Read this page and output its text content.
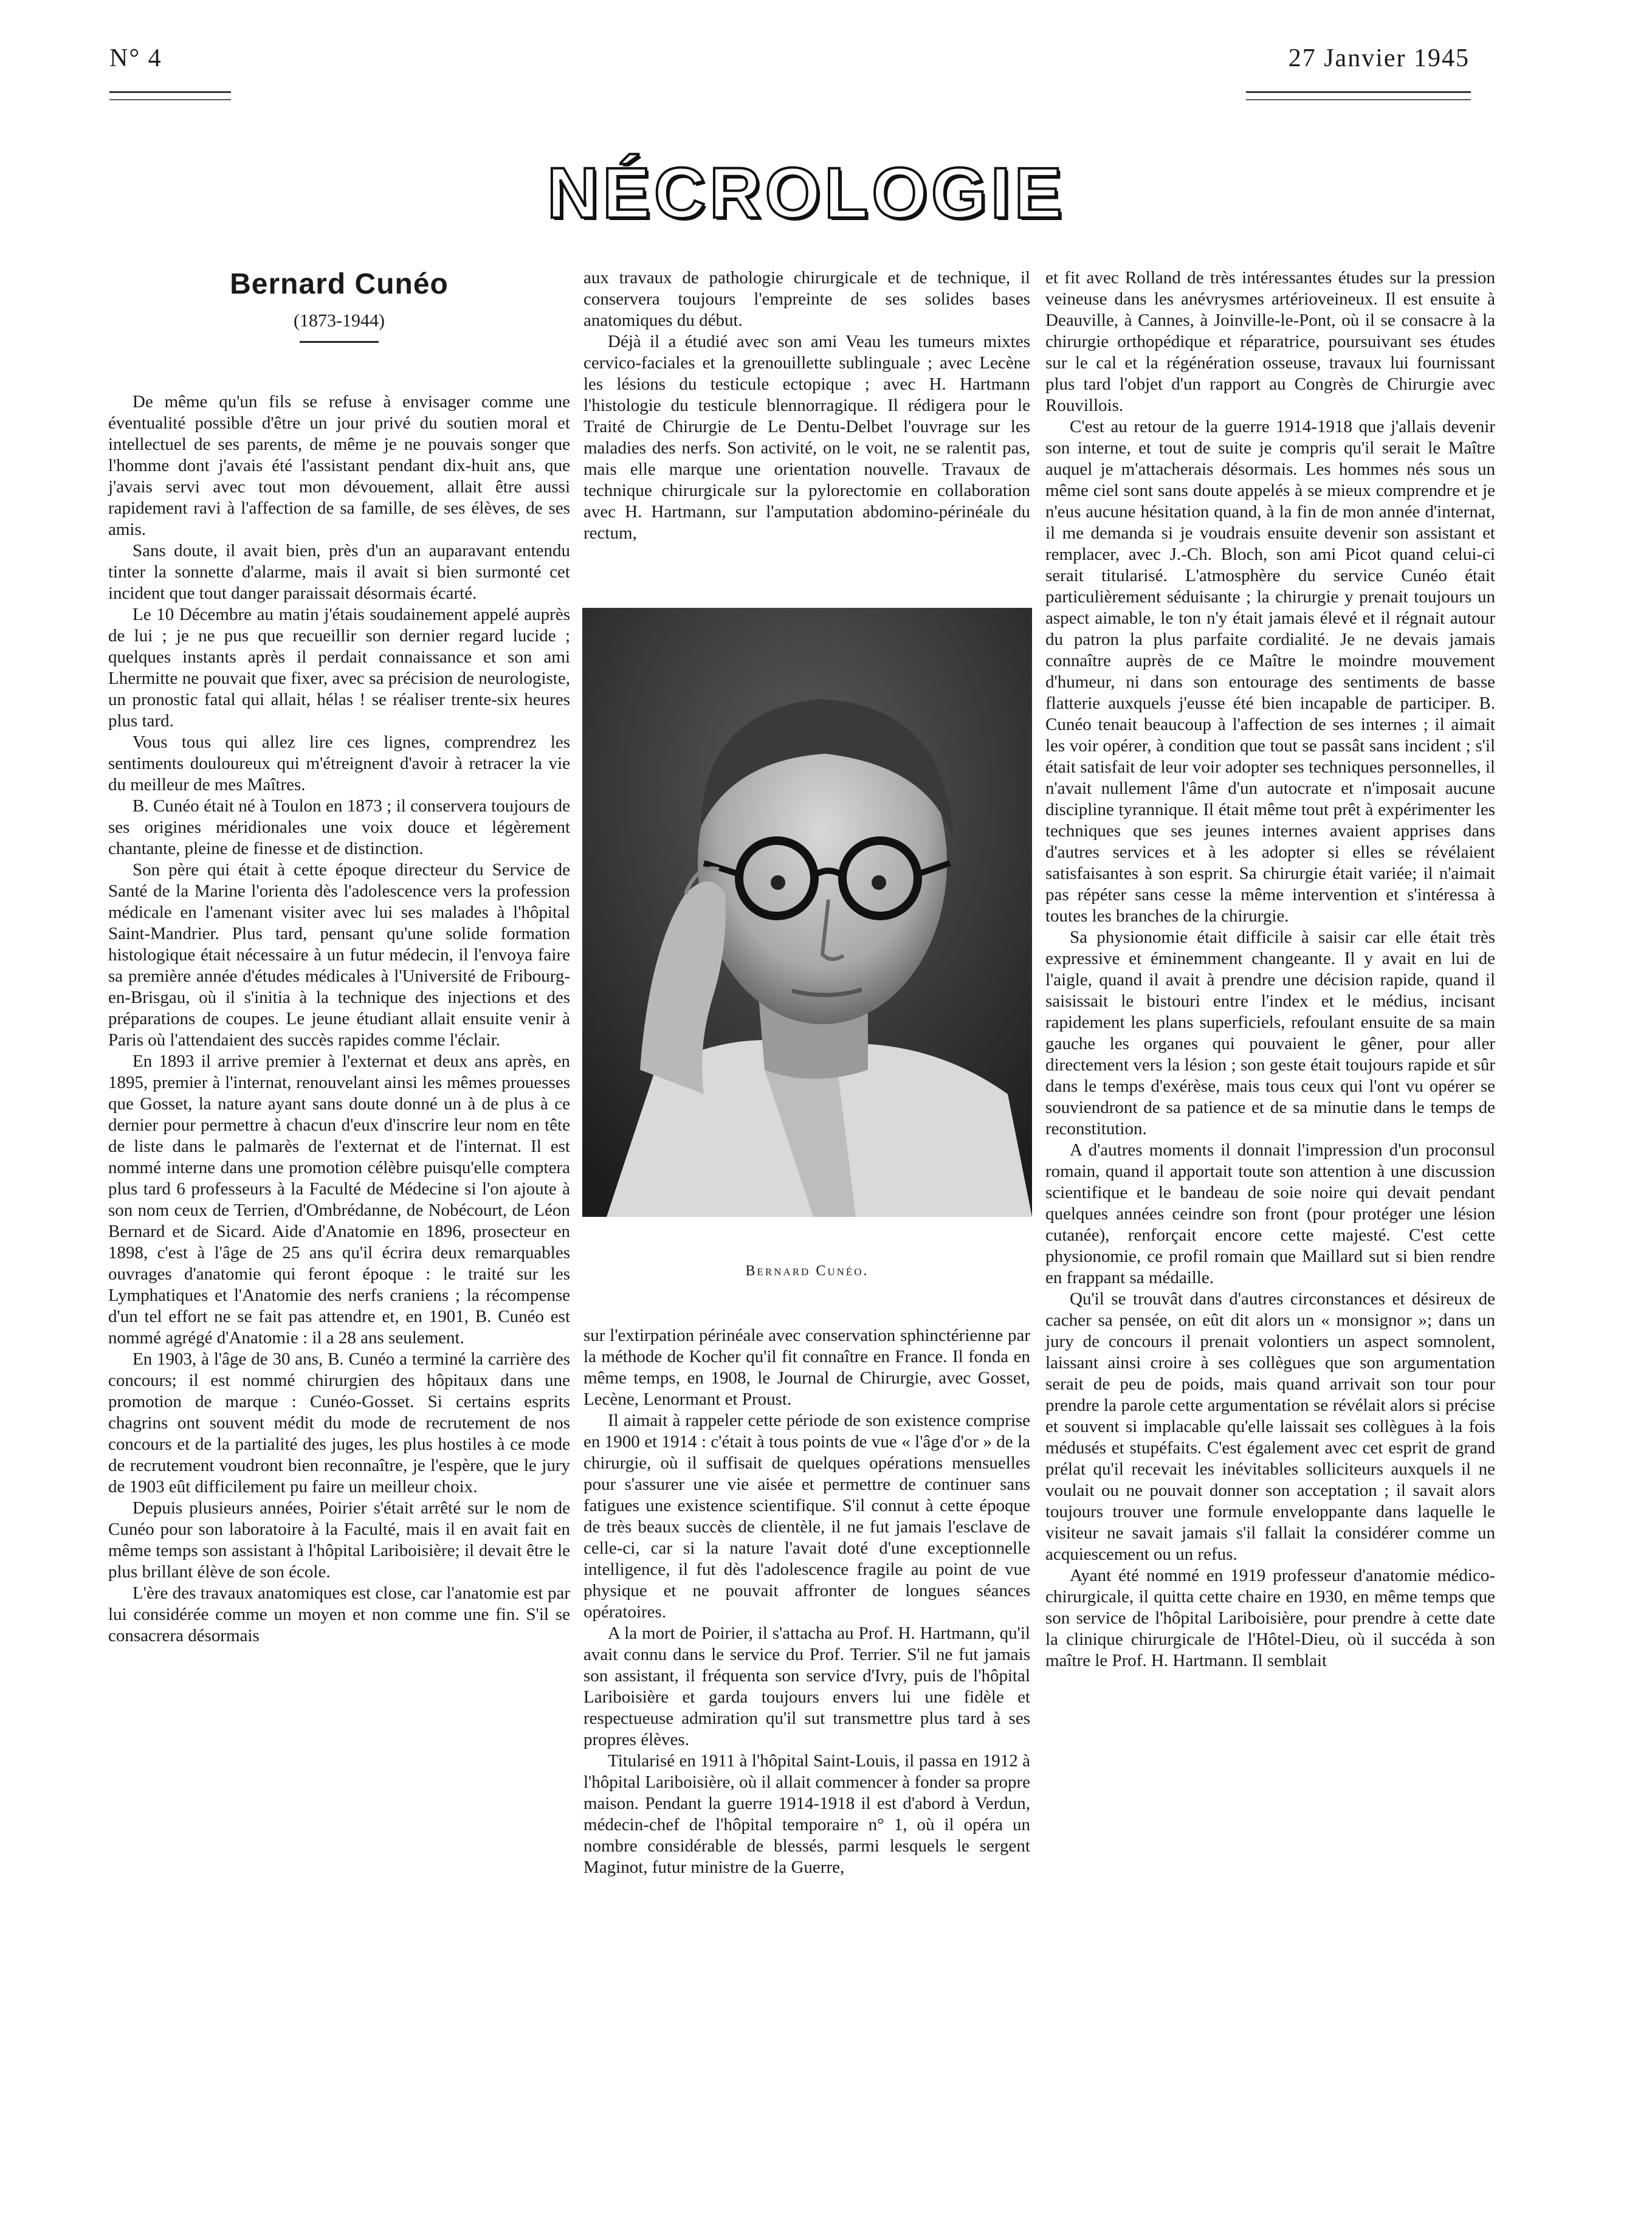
N° 4	27 Janvier 1945
NÉCROLOGIE
Bernard Cunéo
(1873-1944)

De même qu'un fils se refuse à envisager comme une éventualité possible d'être un jour privé du soutien moral et intellectuel de ses parents, de même je ne pouvais songer que l'homme dont j'avais été l'assistant pendant dix-huit ans, que j'avais servi avec tout mon dévouement, allait être aussi rapidement ravi à l'affection de sa famille, de ses élèves, de ses amis.

Sans doute, il avait bien, près d'un an auparavant entendu tinter la sonnette d'alarme, mais il avait si bien surmonté cet incident que tout danger paraissait désormais écarté.

Le 10 Décembre au matin j'étais soudainement appelé auprès de lui ; je ne pus que recueillir son dernier regard lucide ; quelques instants après il perdait connaissance et son ami Lhermitte ne pouvait que fixer, avec sa précision de neurologiste, un pronostic fatal qui allait, hélas ! se réaliser trente-six heures plus tard.

Vous tous qui allez lire ces lignes, comprendrez les sentiments douloureux qui m'étreignent d'avoir à retracer la vie du meilleur de mes Maîtres.

B. Cunéo était né à Toulon en 1873 ; il conservera toujours de ses origines méridionales une voix douce et légèrement chantante, pleine de finesse et de distinction.

Son père qui était à cette époque directeur du Service de Santé de la Marine l'orienta dès l'adolescence vers la profession médicale en l'amenant visiter avec lui ses malades à l'hôpital Saint-Mandrier. Plus tard, pensant qu'une solide formation histologique était nécessaire à un futur médecin, il l'envoya faire sa première année d'études médicales à l'Université de Fribourg-en-Brisgau, où il s'initia à la technique des injections et des préparations de coupes. Le jeune étudiant allait ensuite venir à Paris où l'attendaient des succès rapides comme l'éclair.

En 1893 il arrive premier à l'externat et deux ans après, en 1895, premier à l'internat, renouvelant ainsi les mêmes prouesses que Gosset, la nature ayant sans doute donné un à de plus à ce dernier pour permettre à chacun d'eux d'inscrire leur nom en tête de liste dans le palmarès de l'externat et de l'internat. Il est nommé interne dans une promotion célèbre puisqu'elle comptera plus tard 6 professeurs à la Faculté de Médecine si l'on ajoute à son nom ceux de Terrien, d'Ombrédanne, de Nobécourt, de Léon Bernard et de Sicard. Aide d'Anatomie en 1896, prosecteur en 1898, c'est à l'âge de 25 ans qu'il écrira deux remarquables ouvrages d'anatomie qui feront époque : le traité sur les Lymphatiques et l'Anatomie des nerfs craniens ; la récompense d'un tel effort ne se fait pas attendre et, en 1901, B. Cunéo est nommé agrégé d'Anatomie : il a 28 ans seulement.

En 1903, à l'âge de 30 ans, B. Cunéo a terminé la carrière des concours; il est nommé chirurgien des hôpitaux dans une promotion de marque : Cunéo-Gosset. Si certains esprits chagrins ont souvent médit du mode de recrutement de nos concours et de la partialité des juges, les plus hostiles à ce mode de recrutement voudront bien reconnaître, je l'espère, que le jury de 1903 eût difficilement pu faire un meilleur choix.

Depuis plusieurs années, Poirier s'était arrêté sur le nom de Cunéo pour son laboratoire à la Faculté, mais il en avait fait en même temps son assistant à l'hôpital Lariboisière; il devait être le plus brillant élève de son école.

L'ère des travaux anatomiques est close, car l'anatomie est par lui considérée comme un moyen et non comme une fin. S'il se consacrera désormais

aux travaux de pathologie chirurgicale et de technique, il conservera toujours l'empreinte de ses solides bases anatomiques du début.

Déjà il a étudié avec son ami Veau les tumeurs mixtes cervico-faciales et la grenouillette sublinguale ; avec Lecène les lésions du testicule ectopique ; avec H. Hartmann l'histologie du testicule blennorragique. Il rédigera pour le Traité de Chirurgie de Le Dentu-Delbet l'ouvrage sur les maladies des nerfs. Son activité, on le voit, ne se ralentit pas, mais elle marque une orientation nouvelle. Travaux de technique chirurgicale sur la pylorectomie en collaboration avec H. Hartmann, sur l'amputation abdomino-périnéale du rectum,

Bernard Cunéo.

sur l'extirpation périnéale avec conservation sphinctérienne par la méthode de Kocher qu'il fit connaître en France. Il fonda en même temps, en 1908, le Journal de Chirurgie, avec Gosset, Lecène, Lenormant et Proust.

Il aimait à rappeler cette période de son existence comprise en 1900 et 1914 : c'était à tous points de vue « l'âge d'or » de la chirurgie, où il suffisait de quelques opérations mensuelles pour s'assurer une vie aisée et permettre de continuer sans fatigues une existence scientifique. S'il connut à cette époque de très beaux succès de clientèle, il ne fut jamais l'esclave de celle-ci, car si la nature l'avait doté d'une exceptionnelle intelligence, il fut dès l'adolescence fragile au point de vue physique et ne pouvait affronter de longues séances opératoires.

A la mort de Poirier, il s'attacha au Prof. H. Hartmann, qu'il avait connu dans le service du Prof. Terrier. S'il ne fut jamais son assistant, il fréquenta son service d'Ivry, puis de l'hôpital Lariboisière et garda toujours envers lui une fidèle et respectueuse admiration qu'il sut transmettre plus tard à ses propres élèves.

Titularisé en 1911 à l'hôpital Saint-Louis, il passa en 1912 à l'hôpital Lariboisière, où il allait commencer à fonder sa propre maison. Pendant la guerre 1914-1918 il est d'abord à Verdun, médecin-chef de l'hôpital temporaire n° 1, où il opéra un nombre considérable de blessés, parmi lesquels le sergent Maginot, futur ministre de la Guerre,

et fit avec Rolland de très intéressantes études sur la pression veineuse dans les anévrysmes artérioveineux. Il est ensuite à Deauville, à Cannes, à Joinville-le-Pont, où il se consacre à la chirurgie orthopédique et réparatrice, poursuivant ses études sur le cal et la régénération osseuse, travaux lui fournissant plus tard l'objet d'un rapport au Congrès de Chirurgie avec Rouvillois.

C'est au retour de la guerre 1914-1918 que j'allais devenir son interne, et tout de suite je compris qu'il serait le Maître auquel je m'attacherais désormais. Les hommes nés sous un même ciel sont sans doute appelés à se mieux comprendre et je n'eus aucune hésitation quand, à la fin de mon année d'internat, il me demanda si je voudrais ensuite devenir son assistant et remplacer, avec J.-Ch. Bloch, son ami Picot quand celui-ci serait titularisé. L'atmosphère du service Cunéo était particulièrement séduisante ; la chirurgie y prenait toujours un aspect aimable, le ton n'y était jamais élevé et il régnait autour du patron la plus parfaite cordialité. Je ne devais jamais connaître auprès de ce Maître le moindre mouvement d'humeur, ni dans son entourage des sentiments de basse flatterie auxquels j'eusse été bien incapable de participer. B. Cunéo tenait beaucoup à l'affection de ses internes ; il aimait les voir opérer, à condition que tout se passât sans incident ; s'il était satisfait de leur voir adopter ses techniques personnelles, il n'avait nullement l'âme d'un autocrate et n'imposait aucune discipline tyrannique. Il était même tout prêt à expérimenter les techniques que ses jeunes internes avaient apprises dans d'autres services et à les adopter si elles se révélaient satisfaisantes à son esprit. Sa chirurgie était variée; il n'aimait pas répéter sans cesse la même intervention et s'intéressa à toutes les branches de la chirurgie.

Sa physionomie était difficile à saisir car elle était très expressive et éminemment changeante. Il y avait en lui de l'aigle, quand il avait à prendre une décision rapide, quand il saisissait le bistouri entre l'index et le médius, incisant rapidement les plans superficiels, refoulant ensuite de sa main gauche les organes qui pouvaient le gêner, pour aller directement vers la lésion ; son geste était toujours rapide et sûr dans le temps d'exérèse, mais tous ceux qui l'ont vu opérer se souviendront de sa patience et de sa minutie dans le temps de reconstitution.

A d'autres moments il donnait l'impression d'un proconsul romain, quand il apportait toute son attention à une discussion scientifique et le bandeau de soie noire qui devait pendant quelques années ceindre son front (pour protéger une lésion cutanée), renforçait encore cette majesté. C'est cette physionomie, ce profil romain que Maillard sut si bien rendre en frappant sa médaille.

Qu'il se trouvât dans d'autres circonstances et désireux de cacher sa pensée, on eût dit alors un « monsignor »; dans un jury de concours il prenait volontiers un aspect somnolent, laissant ainsi croire à ses collègues que son argumentation serait de peu de poids, mais quand arrivait son tour pour prendre la parole cette argumentation se révélait alors si précise et souvent si implacable qu'elle laissait ses collègues à la fois médusés et stupéfaits. C'est également avec cet esprit de grand prélat qu'il recevait les inévitables solliciteurs auxquels il ne voulait ou ne pouvait donner son acceptation ; il savait alors toujours trouver une formule enveloppante dans laquelle le visiteur ne savait jamais s'il fallait la considérer comme un acquiescement ou un refus.

Ayant été nommé en 1919 professeur d'anatomie médico-chirurgicale, il quitta cette chaire en 1930, en même temps que son service de l'hôpital Lariboisière, pour prendre à cette date la clinique chirurgicale de l'Hôtel-Dieu, où il succéda à son maître le Prof. H. Hartmann. Il semblait
